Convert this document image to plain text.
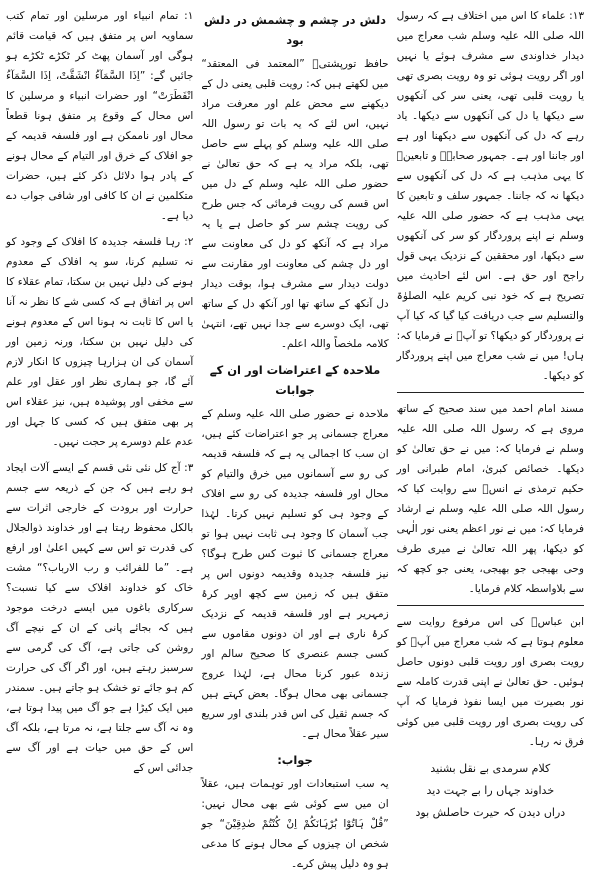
۱۳: علماء کا اس میں اختلاف ہے کہ رسول اللہ صلی اللہ علیہ وسلم شب معراج میں دیدار خداوندی سے مشرف ہوئے یا نہیں اور اگر رویت ہوئی تو وہ رویت بصری تھی یا رویت قلبی تھی، یعنی سر کی آنکھوں سے دیکھا یا دل کی آنکھوں سے دیکھا۔ یاد رہے کہ دل کی آنکھوں سے دیکھنا اور ہے اور جاننا اور ہے۔ جمہور صحابہؓ و تابعینؒ کا یہی مذہب ہے کہ دل کی آنکھوں سے دیکھا نہ کہ جاننا۔ جمہور سلف و تابعین کا یہی مذہب ہے کہ حضور صلی اللہ علیہ وسلم نے اپنے پروردگار کو سر کی آنکھوں سے دیکھا، اور محققین کے نزدیک یہی قول راجح اور حق ہے۔ اس لئے احادیث میں تصریح ہے کہ خود نبی کریم علیہ الصلوٰۃ والتسلیم سے جب دریافت کیا گیا کہ کیا آپ نے پروردگار کو دیکھا؟ تو آپؐ نے فرمایا کہ: ہاں! میں نے شب معراج میں اپنے پروردگار کو دیکھا۔

مسند امام احمد میں سند صحیح کے ساتھ مروی ہے کہ رسول اللہ صلی اللہ علیہ وسلم نے فرمایا کہ: میں نے حق تعالیٰ کو دیکھا۔ خصائص کبریٰ، امام طبرانی اور حکیم ترمذی نے انسؓ سے روایت کیا کہ رسول اللہ صلی اللہ علیہ وسلم نے ارشاد فرمایا کہ: میں نے نور اعظم یعنی نور الٰہی کو دیکھا، پھر اللہ تعالیٰ نے میری طرف وحی بھیجی جو بھیجی، یعنی جو کچھ کہ سے بلاواسطہ کلام فرمایا۔

ابن عباسؓ کی اس مرفوع روایت سے معلوم ہوتا ہے کہ شب معراج میں آپؐ کو رویت بصری اور رویت قلبی دونوں حاصل ہوئیں۔ حق تعالیٰ نے اپنی قدرت کاملہ سے نور بصیرت میں ایسا نفوذ فرمایا کہ آپ کی رویت بصری اور رویت قلبی میں کوئی فرق نہ رہا۔

کلام سرمدی بے نقل بشنید
خداوند جہاں را بے جہت دید
دراں دیدن کہ حیرت حاصلش بود
دلش در چشم و چشمش در دلش بود

حافظ تورپشتیؒ ”المعتمد فی المعتقد“ میں لکھتے ہیں کہ: رویت قلبی یعنی دل کے دیکھنے سے محض علم اور معرفت مراد نہیں، اس لئے کہ یہ بات تو رسول اللہ صلی اللہ علیہ وسلم کو پہلے سے حاصل تھی، بلکہ مراد یہ ہے کہ حق تعالیٰ نے حضور صلی اللہ علیہ وسلم کے دل میں اس قسم کی رویت فرمائی کہ جس طرح کی رویت چشم سر کو حاصل ہے یا یہ مراد ہے کہ آنکھ کو دل کی معاونت سے اور دل چشم کی معاونت اور مقارنت سے دولت دیدار سے مشرف ہوا، بوقت دیدار دل آنکھ کے ساتھ تھا اور آنکھ دل کے ساتھ تھی، ایک دوسرے سے جدا نہیں تھے، انتہیٰ کلامہ ملخصاً واللہ اعلم۔

ملاحدہ کے اعتراضات اور ان کے جوابات

ملاحدہ نے حضور صلی اللہ علیہ وسلم کے معراج جسمانی پر جو اعتراضات کئے ہیں، ان سب کا اجمالی یہ ہے کہ فلسفہ قدیمہ کی رو سے آسمانوں میں خرق والتیام کو محال اور فلسفہ جدیدہ کی رو سے افلاک کے وجود ہی کو تسلیم نہیں کرتا۔ لہٰذا جب آسمان کا وجود ہی ثابت نہیں ہوا تو معراج جسمانی کا ثبوت کس طرح ہوگا؟ نیز فلسفہ جدیدہ وقدیمہ دونوں اس پر متفق ہیں کہ زمین سے کچھ اوپر کرۂ زمہریر ہے اور فلسفہ قدیمہ کے نزدیک کرۂ ناری ہے اور ان دونوں مقاموں سے کسی جسم عنصری کا صحیح سالم اور زندہ عبور کرنا محال ہے، لہٰذا عروج جسمانی بھی محال ہوگا۔ بعض کہتے ہیں کہ جسم ثقیل کی اس قدر بلندی اور سریع سیر عقلاً محال ہے۔

جواب:

یہ سب استبعادات اور توہمات ہیں، عقلاً ان میں سے کوئی شے بھی محال نہیں: ”قُلْ ہَاتُوْا بُرْہَانَکُمْ اِنْ کُنْتُمْ صٰدِقِیْنَ“ جو شخص ان چیزوں کے محال ہونے کا مدعی ہو وہ دلیل پیش کرے۔

۱: تمام انبیاء اور مرسلین اور تمام کتب سماویہ اس پر متفق ہیں کہ قیامت قائم ہوگی اور آسمان پھٹ کر ٹکڑے ٹکڑے ہو جائیں گے: ”اِذَا السَّمَآءُ انْشَقَّتْ، اِذَا السَّمَآءُ انْفَطَرَتْ“ اور حضرات انبیاء و مرسلین کا اس محال کے وقوع پر متفق ہونا قطعاً محال اور ناممکن ہے اور فلسفہ قدیمہ کے جو افلاک کے خرق اور التیام کے محال ہونے کے پادر ہوا دلائل ذکر کئے ہیں، حضرات متکلمین نے ان کا کافی اور شافی جواب دے دیا ہے۔

۲: رہا فلسفہ جدیدہ کا افلاک کے وجود کو نہ تسلیم کرنا، سو یہ افلاک کے معدوم ہونے کی دلیل نہیں بن سکتا، تمام عقلاء کا اس پر اتفاق ہے کہ کسی شے کا نظر نہ آنا یا اس کا ثابت نہ ہونا اس کے معدوم ہونے کی دلیل نہیں بن سکتا، ورنہ زمین اور آسمان کی ان ہزارہا چیزوں کا انکار لازم آئے گا، جو ہماری نظر اور عقل اور علم سے مخفی اور پوشیدہ ہیں، نیز عقلاء اس پر بھی متفق ہیں کہ کسی کا جہل اور عدم علم دوسرے پر حجت نہیں۔

۳: آج کل نئی نئی قسم کے ایسے آلات ایجاد ہو رہے ہیں کہ جن کے ذریعہ سے جسم حرارت اور برودت کے خارجی اثرات سے بالکل محفوظ رہتا ہے اور خداوند ذوالجلال کی قدرت تو اس سے کہیں اعلیٰ اور ارفع ہے۔ ”ما للفرائب و رب الارباب؟“ مشت خاک کو خداوند افلاک سے کیا نسبت؟ سرکاری باغوں میں ایسے درخت موجود ہیں کہ بجائے پانی کے ان کے نیچے آگ روشن کی جاتی ہے، آگ کی گرمی سے سرسبز رہتے ہیں، اور اگر آگ کی حرارت کم ہو جائے تو خشک ہو جاتے ہیں۔ سمندر میں ایک کیڑا ہے جو آگ میں پیدا ہوتا ہے، وہ نہ آگ سے جلتا ہے، نہ مرتا ہے، بلکہ آگ اس کے حق میں حیات ہے اور آگ سے جدائی اس کے
